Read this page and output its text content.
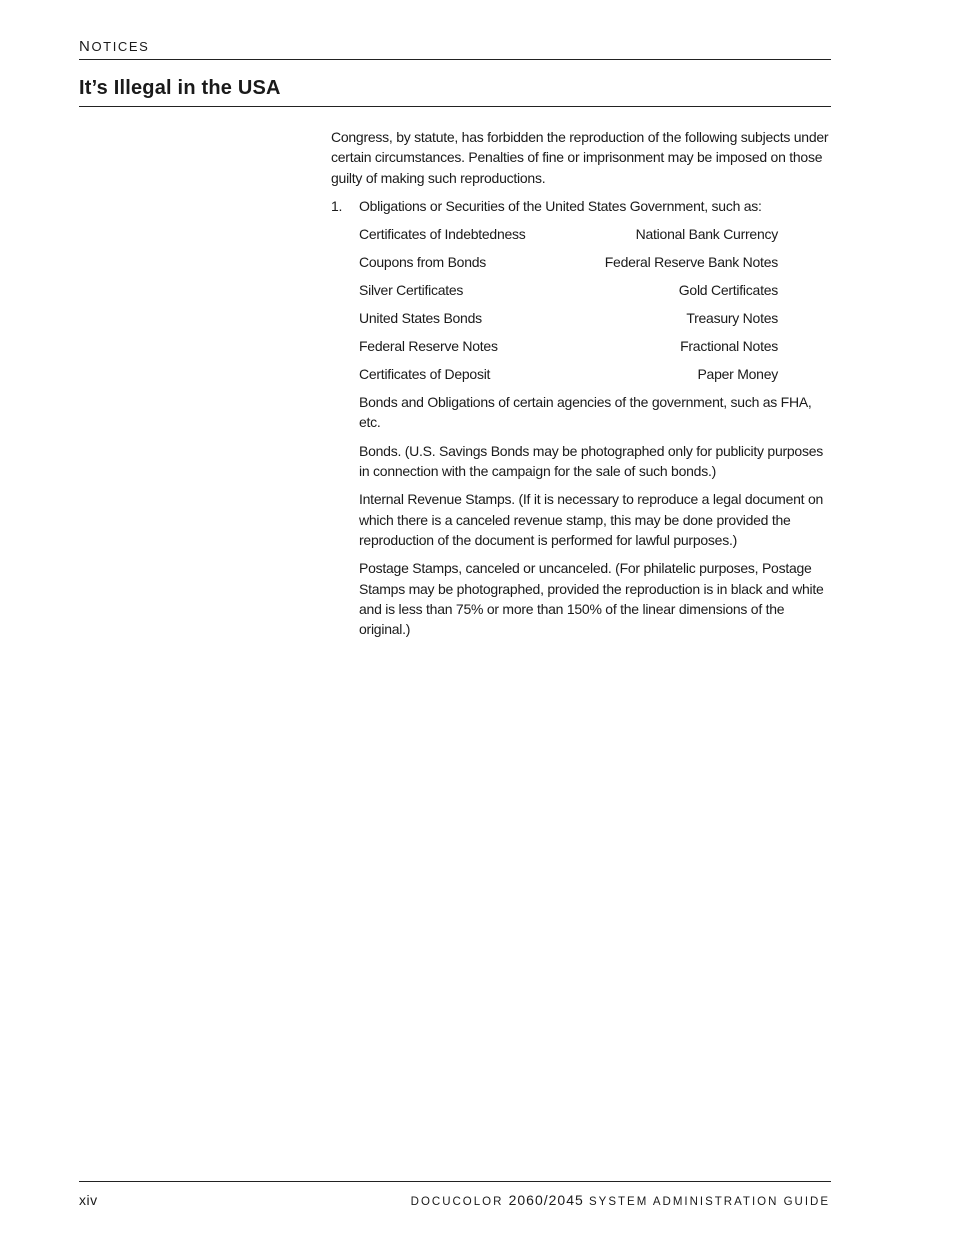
NOTICES
It’s Illegal in the USA

Congress, by statute, has forbidden the reproduction of the following subjects under certain circumstances. Penalties of fine or imprisonment may be imposed on those guilty of making such reproductions.

1. Obligations or Securities of the United States Government, such as:
Certificates of Indebtedness	National Bank Currency
Coupons from Bonds	Federal Reserve Bank Notes
Silver Certificates	Gold Certificates
United States Bonds	Treasury Notes
Federal Reserve Notes	Fractional Notes
Certificates of Deposit	Paper Money

Bonds and Obligations of certain agencies of the government, such as FHA, etc.

Bonds. (U.S. Savings Bonds may be photographed only for publicity purposes in connection with the campaign for the sale of such bonds.)

Internal Revenue Stamps. (If it is necessary to reproduce a legal document on which there is a canceled revenue stamp, this may be done provided the reproduction of the document is performed for lawful purposes.)

Postage Stamps, canceled or uncanceled. (For philatelic purposes, Postage Stamps may be photographed, provided the reproduction is in black and white and is less than 75% or more than 150% of the linear dimensions of the original.)

xiv	DOCUCOLOR 2060/2045 SYSTEM ADMINISTRATION GUIDE
